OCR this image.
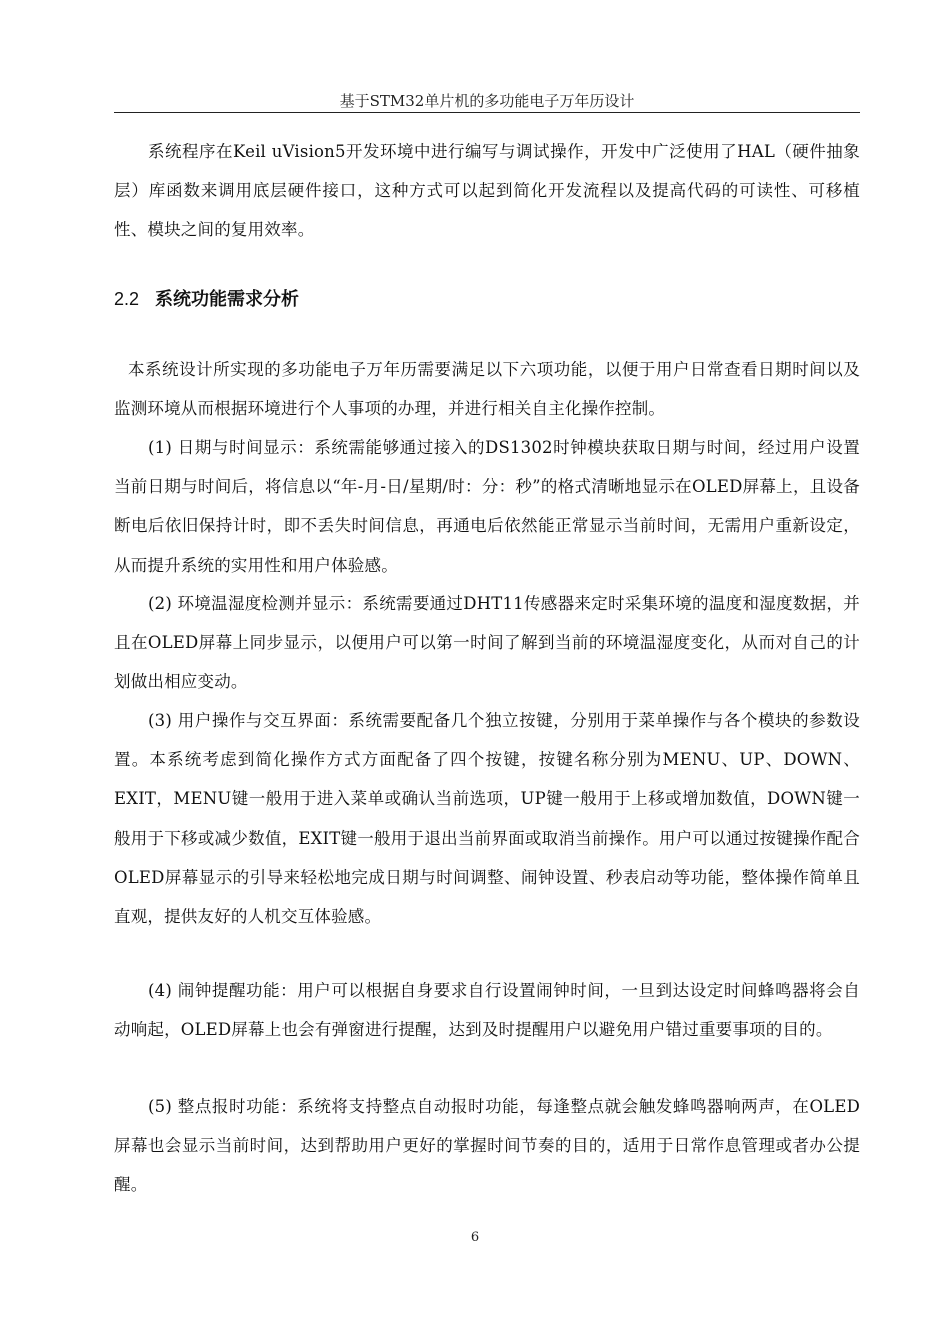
基于STM32单片机的多功能电子万年历设计

系统程序在Keil uVision5开发环境中进行编写与调试操作，开发中广泛使用了HAL（硬件抽象层）库函数来调用底层硬件接口，这种方式可以起到简化开发流程以及提高代码的可读性、可移植性、模块之间的复用效率。

2.2 系统功能需求分析

本系统设计所实现的多功能电子万年历需要满足以下六项功能，以便于用户日常查看日期时间以及监测环境从而根据环境进行个人事项的办理，并进行相关自主化操作控制。

(1) 日期与时间显示：系统需能够通过接入的DS1302时钟模块获取日期与时间，经过用户设置当前日期与时间后，将信息以“年-月-日/星期/时：分：秒”的格式清晰地显示在OLED屏幕上，且设备断电后依旧保持计时，即不丢失时间信息，再通电后依然能正常显示当前时间，无需用户重新设定，从而提升系统的实用性和用户体验感。

(2) 环境温湿度检测并显示：系统需要通过DHT11传感器来定时采集环境的温度和湿度数据，并且在OLED屏幕上同步显示，以便用户可以第一时间了解到当前的环境温湿度变化，从而对自己的计划做出相应变动。

(3) 用户操作与交互界面：系统需要配备几个独立按键，分别用于菜单操作与各个模块的参数设置。本系统考虑到简化操作方式方面配备了四个按键，按键名称分别为MENU、UP、DOWN、EXIT，MENU键一般用于进入菜单或确认当前选项，UP键一般用于上移或增加数值，DOWN键一般用于下移或减少数值，EXIT键一般用于退出当前界面或取消当前操作。用户可以通过按键操作配合OLED屏幕显示的引导来轻松地完成日期与时间调整、闹钟设置、秒表启动等功能，整体操作简单且直观，提供友好的人机交互体验感。

(4) 闹钟提醒功能：用户可以根据自身要求自行设置闹钟时间，一旦到达设定时间蜂鸣器将会自动响起，OLED屏幕上也会有弹窗进行提醒，达到及时提醒用户以避免用户错过重要事项的目的。

(5) 整点报时功能：系统将支持整点自动报时功能，每逢整点就会触发蜂鸣器响两声，在OLED屏幕也会显示当前时间，达到帮助用户更好的掌握时间节奏的目的，适用于日常作息管理或者办公提醒。

6
